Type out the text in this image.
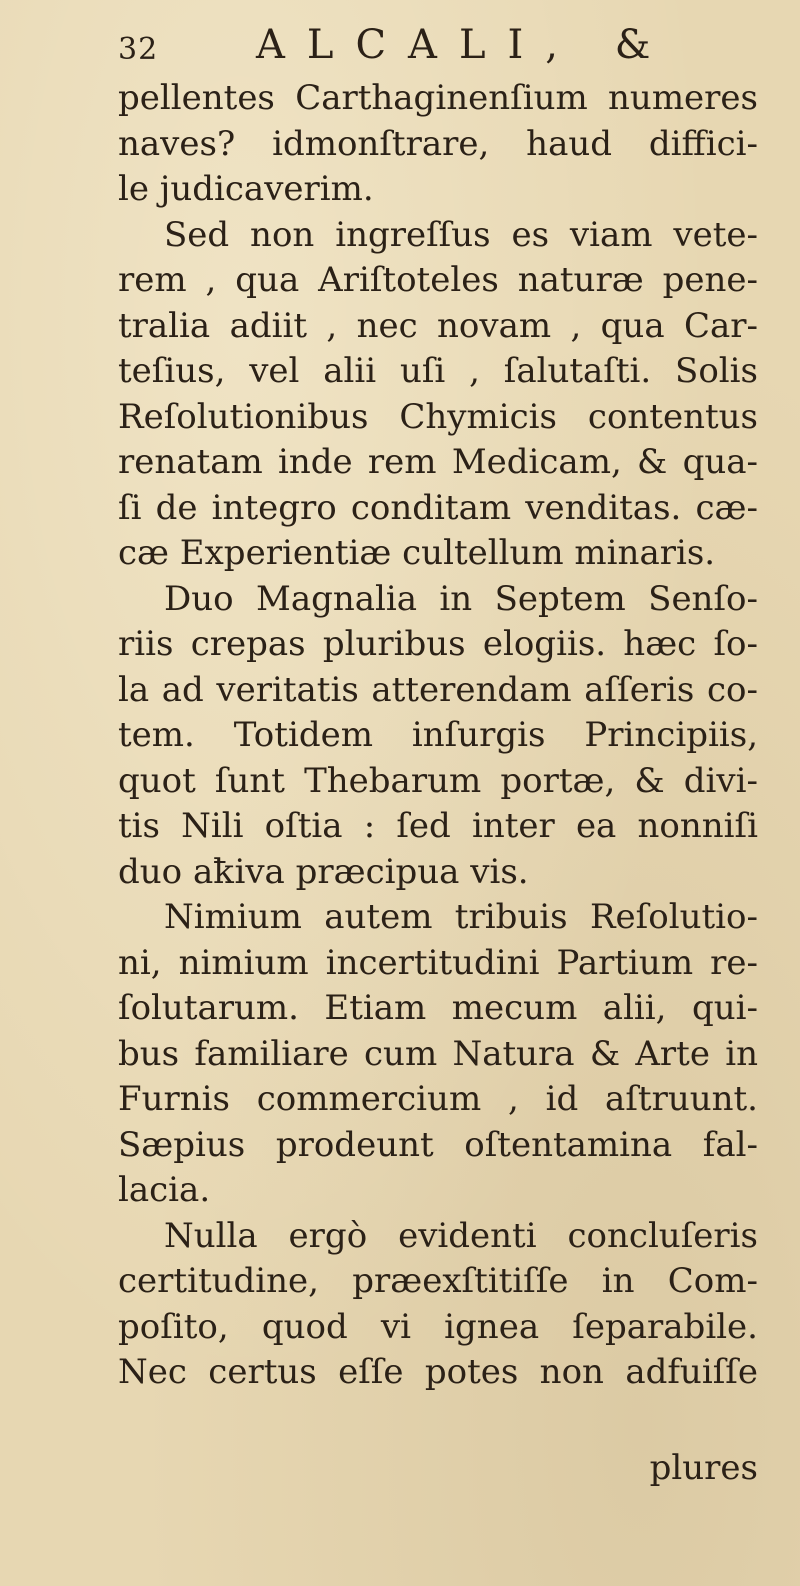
32 ALCALI, &
pellentes Carthaginenſium numeres
naves? idmonſtrare, haud diffici-
le judicaverim.
Sed non ingreſſus es viam vete-
rem , qua Ariſtoteles naturæ pene-
tralia adiit , nec novam , qua Car-
teſius, vel alii uſi , ſalutaſti. Solis
Reſolutionibus Chymicis contentus
renatam inde rem Medicam, & qua-
ſi de integro conditam venditas. cæ-
cæ Experientiæ cultellum minaris.
Duo Magnalia in Septem Senſo-
riis crepas pluribus elogiis. hæc ſo-
la ad veritatis atterendam aſſeris co-
tem. Totidem inſurgis Principiis,
quot ſunt Thebarum portæ, & divi-
tis Nili oſtia : ſed inter ea nonniſi
duo aꝁiva præcipua vis.
Nimium autem tribuis Reſolutio-
ni, nimium incertitudini Partium re-
ſolutarum. Etiam mecum alii, qui-
bus familiare cum Natura & Arte in
Furnis commercium , id aſtruunt.
Sæpius prodeunt oſtentamina fal-
lacia.
Nulla ergò evidenti concluſeris
certitudine, præexſtitiſſe in Com-
poſito, quod vi ignea ſeparabile.
Nec certus eſſe potes non adfuiſſe
plures
